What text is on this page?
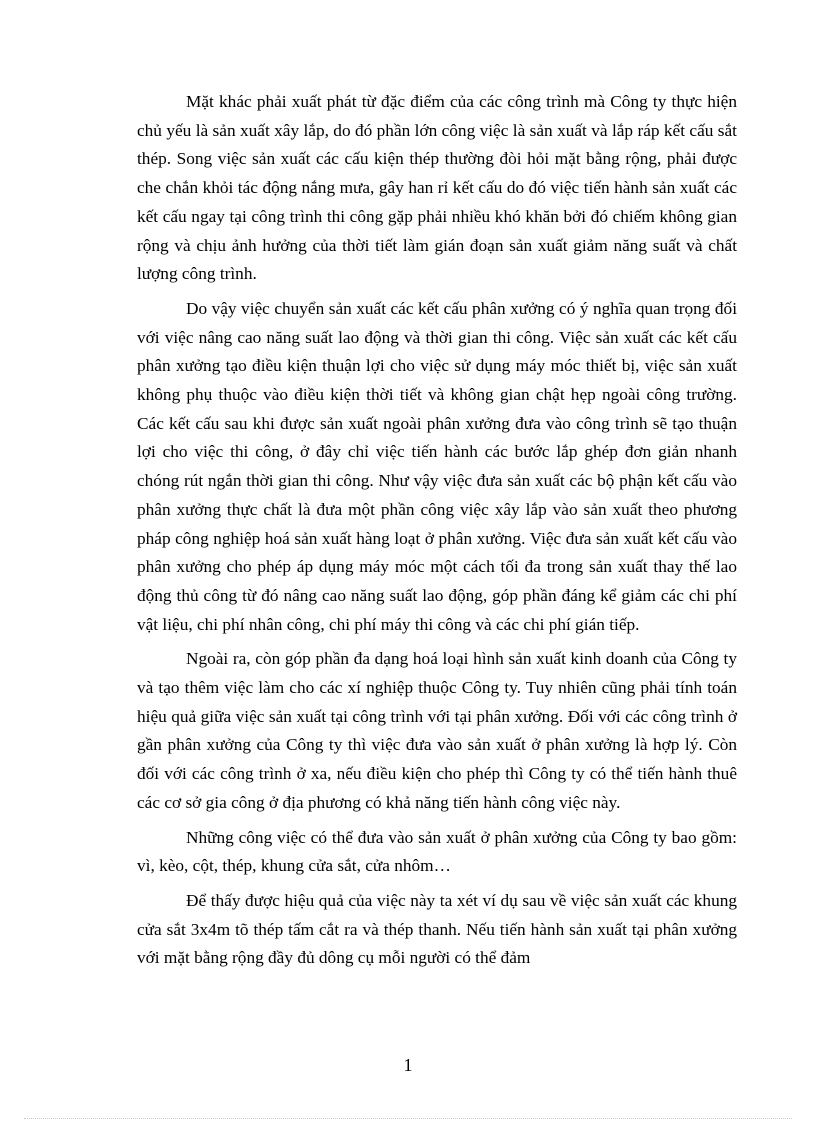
Mặt khác phải xuất phát từ đặc điểm của các công trình mà Công ty thực hiện chủ yếu là sản xuất xây lắp, do đó phần lớn công việc là sản xuất và lắp ráp kết cấu sắt thép. Song việc sản xuất các cấu kiện thép thường đòi hỏi mặt bằng rộng, phải được che chắn khỏi tác động nắng mưa, gây han rỉ kết cấu do đó việc tiến hành sản xuất các kết cấu ngay tại công trình thi công gặp phải nhiều khó khăn bởi đó chiếm không gian rộng và chịu ảnh hưởng của thời tiết làm gián đoạn sản xuất giảm năng suất và chất lượng công trình.

Do vậy việc chuyển sản xuất các kết cấu phân xưởng có ý nghĩa quan trọng đối với việc nâng cao năng suất lao động và thời gian thi công. Việc sản xuất các kết cấu phân xưởng tạo điều kiện thuận lợi cho việc sử dụng máy móc thiết bị, việc sản xuất không phụ thuộc vào điều kiện thời tiết và không gian chật hẹp ngoài công trường. Các kết cấu sau khi được sản xuất ngoài phân xưởng đưa vào công trình sẽ tạo thuận lợi cho việc thi công, ở đây chỉ việc tiến hành các bước lắp ghép đơn giản nhanh chóng rút ngắn thời gian thi công. Như vậy việc đưa sản xuất các bộ phận kết cấu vào phân xưởng thực chất là đưa một phần công việc xây lắp vào sản xuất theo phương pháp công nghiệp hoá sản xuất hàng loạt ở phân xưởng. Việc đưa sản xuất kết cấu vào phân xưởng cho phép áp dụng máy móc một cách tối đa trong sản xuất thay thế lao động thủ công từ đó nâng cao năng suất lao động, góp phần đáng kể giảm các chi phí vật liệu, chi phí nhân công, chi phí máy thi công và các chi phí gián tiếp.

Ngoài ra, còn góp phần đa dạng hoá loại hình sản xuất kinh doanh của Công ty và tạo thêm việc làm cho các xí nghiệp thuộc Công ty. Tuy nhiên cũng phải tính toán hiệu quả giữa việc sản xuất tại công trình với tại phân xưởng. Đối với các công trình ở gần phân xưởng của Công ty thì việc đưa vào sản xuất ở phân xưởng là hợp lý. Còn đối với các công trình ở xa, nếu điều kiện cho phép thì Công ty có thể tiến hành thuê các cơ sở gia công ở địa phương có khả năng tiến hành công việc này.

Những công việc có thể đưa vào sản xuất ở phân xưởng của Công ty bao gồm: vì, kèo, cột, thép, khung cửa sắt, cửa nhôm…

Để thấy được hiệu quả của việc này ta xét ví dụ sau về việc sản xuất các khung cửa sắt 3x4m tõ thép tấm cắt ra và thép thanh. Nếu tiến hành sản xuất tại phân xưởng với mặt bằng rộng đầy đủ dông cụ mỗi người có thể đảm

1
